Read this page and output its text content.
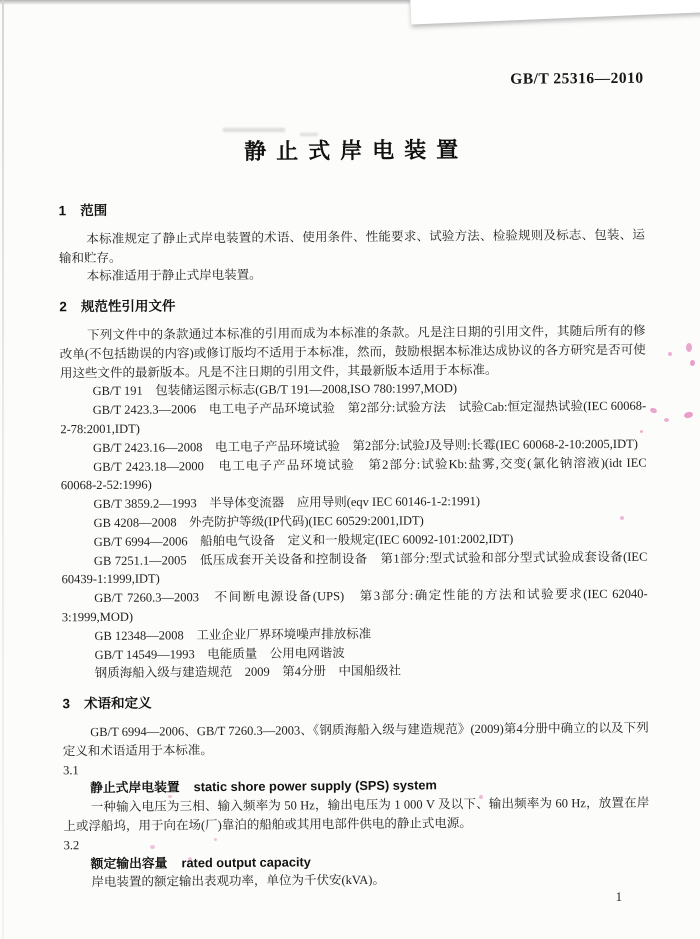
GB/T 25316—2010
静止式岸电装置
1 范围

本标准规定了静止式岸电装置的术语、使用条件、性能要求、试验方法、检验规则及标志、包装、运输和贮存。

本标准适用于静止式岸电装置。

2 规范性引用文件

下列文件中的条款通过本标准的引用而成为本标准的条款。凡是注日期的引用文件，其随后所有的修改单(不包括勘误的内容)或修订版均不适用于本标准，然而，鼓励根据本标准达成协议的各方研究是否可使用这些文件的最新版本。凡是不注日期的引用文件，其最新版本适用于本标准。

GB/T 191　包装储运图示标志(GB/T 191—2008,ISO 780:1997,MOD)

GB/T 2423.3—2006　电工电子产品环境试验　第2部分:试验方法　试验Cab:恒定湿热试验(IEC 60068-2-78:2001,IDT)

GB/T 2423.16—2008　电工电子产品环境试验　第2部分:试验J及导则:长霉(IEC 60068-2-10:2005,IDT)

GB/T 2423.18—2000　电工电子产品环境试验　第2部分:试验Kb:盐雾,交变(氯化钠溶液)(idt IEC 60068-2-52:1996)

GB/T 3859.2—1993　半导体变流器　应用导则(eqv IEC 60146-1-2:1991)

GB 4208—2008　外壳防护等级(IP代码)(IEC 60529:2001,IDT)

GB/T 6994—2006　船舶电气设备　定义和一般规定(IEC 60092-101:2002,IDT)

GB 7251.1—2005　低压成套开关设备和控制设备　第1部分:型式试验和部分型式试验成套设备(IEC 60439-1:1999,IDT)

GB/T 7260.3—2003　不间断电源设备(UPS)　第3部分:确定性能的方法和试验要求(IEC 62040-3:1999,MOD)

GB 12348—2008　工业企业厂界环境噪声排放标准

GB/T 14549—1993　电能质量　公用电网谐波

钢质海船入级与建造规范　2009　第4分册　中国船级社

3 术语和定义

GB/T 6994—2006、GB/T 7260.3—2003、《钢质海船入级与建造规范》(2009)第4分册中确立的以及下列定义和术语适用于本标准。

3.1

静止式岸电装置 static shore power supply (SPS) system

一种输入电压为三相、输入频率为 50 Hz，输出电压为 1 000 V 及以下、输出频率为 60 Hz，放置在岸上或浮船坞，用于向在场(厂)靠泊的船舶或其用电部件供电的静止式电源。

3.2

额定输出容量 rated output capacity

岸电装置的额定输出表观功率，单位为千伏安(kVA)。

1
